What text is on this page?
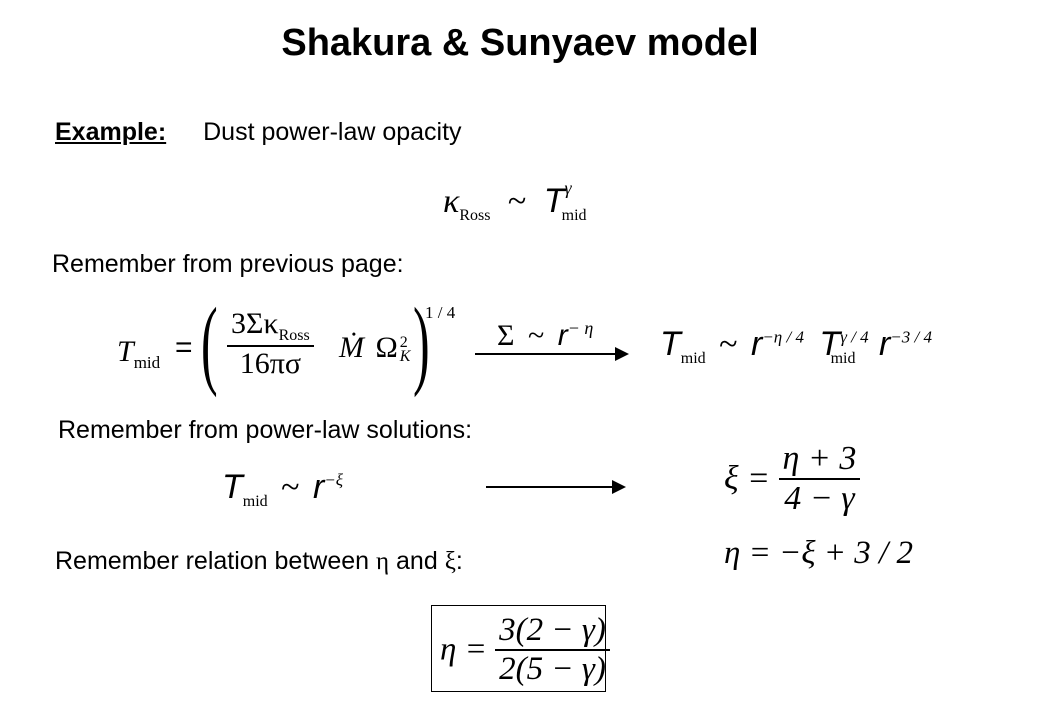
Shakura & Sunyaev model
Example: Dust power-law opacity
$\kappa_{Ross}$ ~ $T^\gamma_{mid}$
Remember from previous page:
$T_{mid}$ = ( $3\Sigma\kappa_{Ross}$
16πσ	Ṁ Ω 2
K )
1 / 4
Σ ~ $r^{- \eta}$ $T_{mid}$ ~ $r^{-\eta / 4}$ $T^{\gamma / 4}_{mid}$ $r^{-3 / 4}$
Remember from power-law solutions:
$T_{mid}$ ~ $r^{-\xi}$	$\xi = \frac{\eta + 3}{4 - \gamma}$
η = −ξ + 3 / 2
Remember relation between η and ξ:
$\eta = \frac{3(2 - \gamma)}{2(5 - \gamma)}$
